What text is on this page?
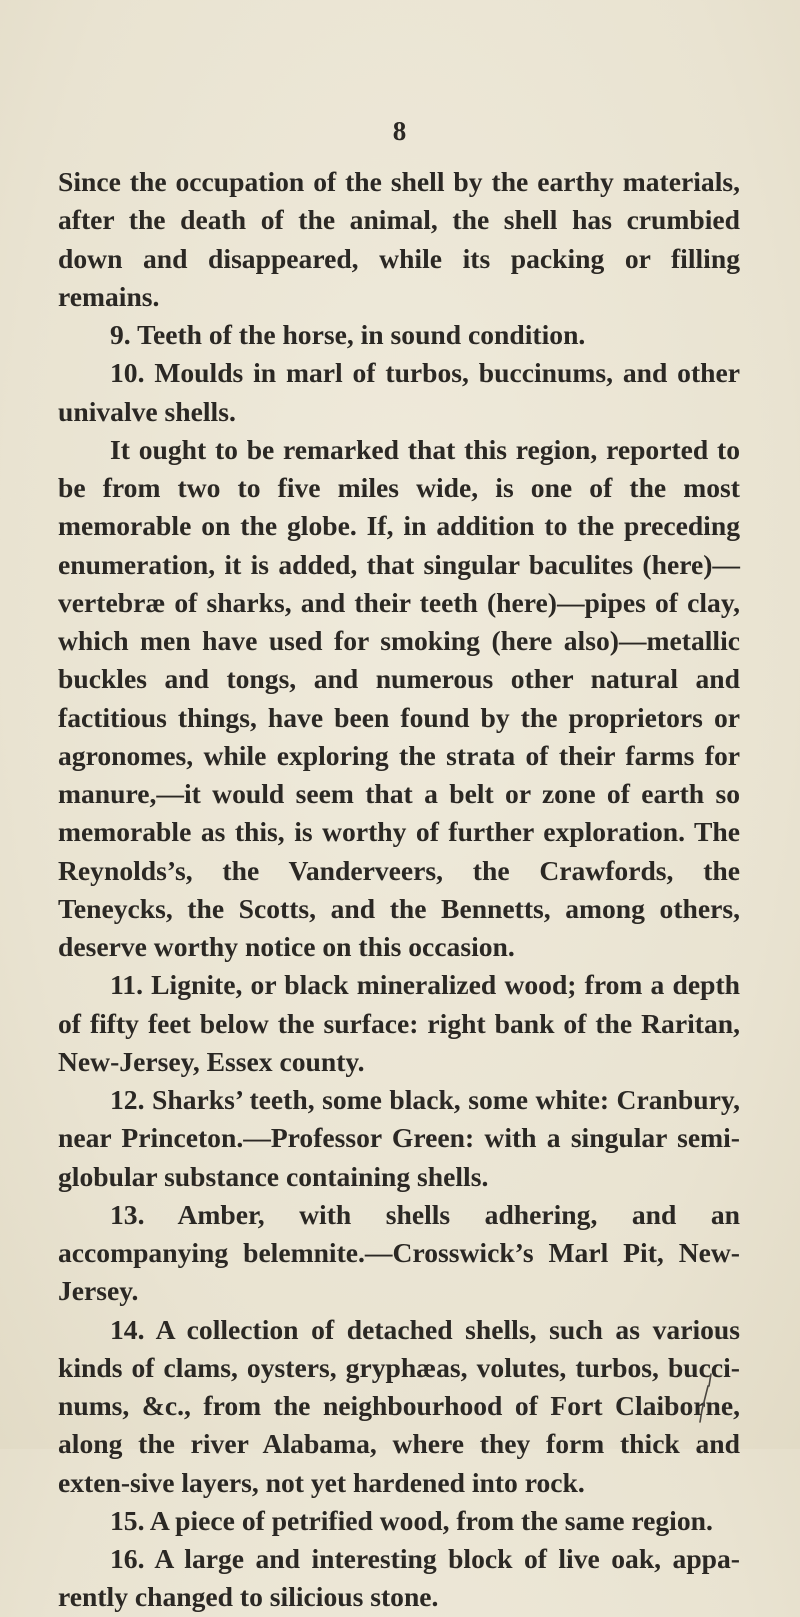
8

Since the occupation of the shell by the earthy materials, after the death of the animal, the shell has crumbied down and disappeared, while its packing or filling remains.

9. Teeth of the horse, in sound condition.

10. Moulds in marl of turbos, buccinums, and other univalve shells.

It ought to be remarked that this region, reported to be from two to five miles wide, is one of the most memorable on the globe. If, in addition to the preceding enumeration, it is added, that singular baculites (here)—vertebræ of sharks, and their teeth (here)—pipes of clay, which men have used for smoking (here also)—metallic buckles and tongs, and numerous other natural and factitious things, have been found by the proprietors or agronomes, while exploring the strata of their farms for manure,—it would seem that a belt or zone of earth so memorable as this, is worthy of further exploration. The Reynolds’s, the Vanderveers, the Crawfords, the Teneycks, the Scotts, and the Bennetts, among others, deserve worthy notice on this occasion.

11. Lignite, or black mineralized wood; from a depth of fifty feet below the surface: right bank of the Raritan, New-Jersey, Essex county.

12. Sharks’ teeth, some black, some white: Cranbury, near Princeton.—Professor Green: with a singular semi-globular substance containing shells.

13. Amber, with shells adhering, and an accompanying belemnite.—Crosswick’s Marl Pit, New-Jersey.

14. A collection of detached shells, such as various kinds of clams, oysters, gryphæas, volutes, turbos, bucci-nums, &c., from the neighbourhood of Fort Claiborne, along the river Alabama, where they form thick and exten-sive layers, not yet hardened into rock.

15. A piece of petrified wood, from the same region.

16. A large and interesting block of live oak, appa-rently changed to silicious stone.
